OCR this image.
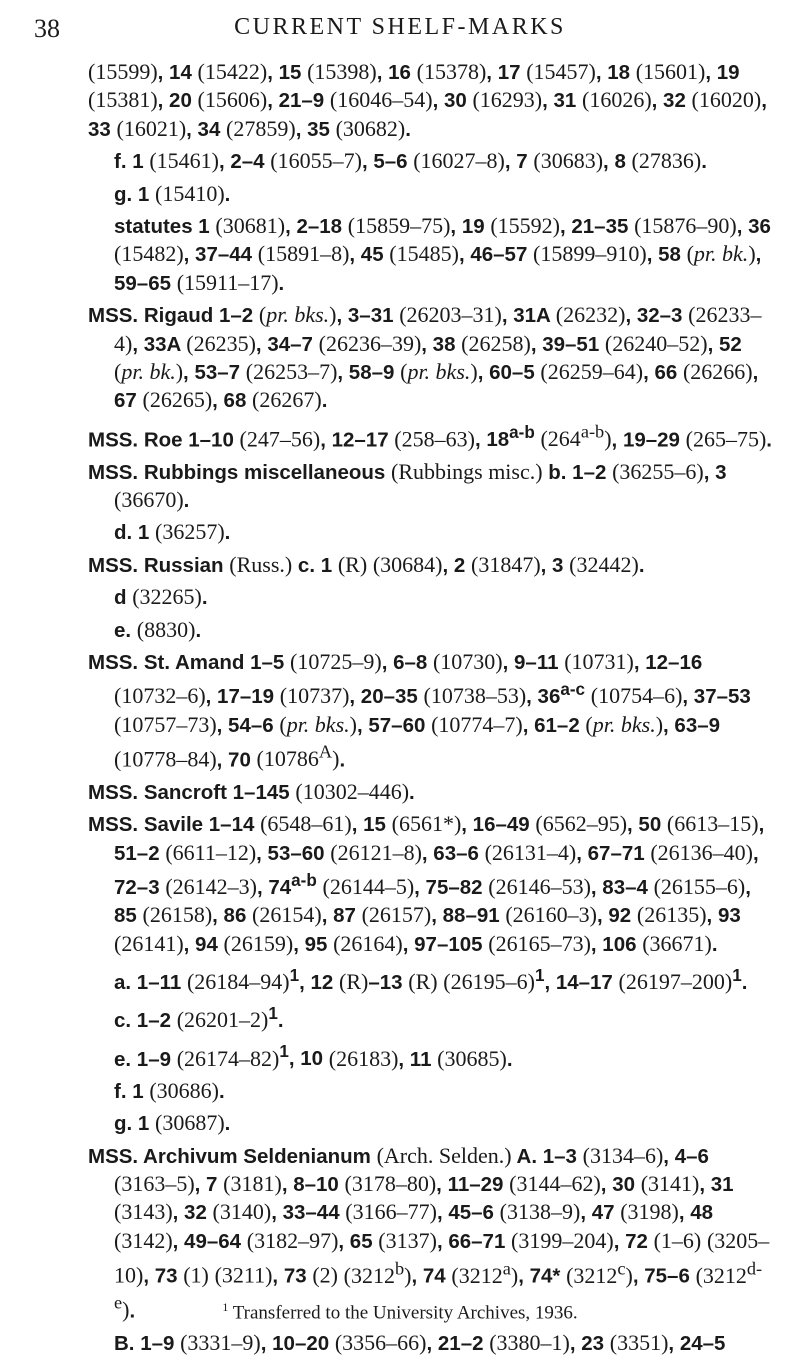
38	CURRENT SHELF-MARKS

(15599), 14 (15422), 15 (15398), 16 (15378), 17 (15457), 18 (15601), 19 (15381), 20 (15606), 21–9 (16046–54), 30 (16293), 31 (16026), 32 (16020), 33 (16021), 34 (27859), 35 (30682).

f. 1 (15461), 2–4 (16055–7), 5–6 (16027–8), 7 (30683), 8 (27836).

g. 1 (15410).

statutes 1 (30681), 2–18 (15859–75), 19 (15592), 21–35 (15876–90), 36 (15482), 37–44 (15891–8), 45 (15485), 46–57 (15899–910), 58 (pr. bk.), 59–65 (15911–17).

MSS. Rigaud 1–2 (pr. bks.), 3–31 (26203–31), 31A (26232), 32–3 (26233–4), 33A (26235), 34–7 (26236–39), 38 (26258), 39–51 (26240–52), 52 (pr. bk.), 53–7 (26253–7), 58–9 (pr. bks.), 60–5 (26259–64), 66 (26266), 67 (26265), 68 (26267).

MSS. Roe 1–10 (247–56), 12–17 (258–63), 18$^{a-b}$ (264$^{a-b}$), 19–29 (265–75).

MSS. Rubbings miscellaneous (Rubbings misc.) b. 1–2 (36255–6), 3 (36670).

d. 1 (36257).

MSS. Russian (Russ.) c. 1 (R) (30684), 2 (31847), 3 (32442).

d (32265).

e. (8830).

MSS. St. Amand 1–5 (10725–9), 6–8 (10730), 9–11 (10731), 12–16 (10732–6), 17–19 (10737), 20–35 (10738–53), 36$^{a-c}$ (10754–6), 37–53 (10757–73), 54–6 (pr. bks.), 57–60 (10774–7), 61–2 (pr. bks.), 63–9 (10778–84), 70 $(10786^A)$.

MSS. Sancroft 1–145 (10302–446).

MSS. Savile 1–14 (6548–61), 15 (6561*), 16–49 (6562–95), 50 (6613–15), 51–2 (6611–12), 53–60 (26121–8), 63–6 (26131–4), 67–71 (26136–40), 72–3 (26142–3), 74$^{a-b}$ (26144–5), 75–82 (26146–53), 83–4 (26155–6), 85 (26158), 86 (26154), 87 (26157), 88–91 (26160–3), 92 (26135), 93 (26141), 94 (26159), 95 (26164), 97–105 (26165–73), 106 (36671).

a. 1–11 $(26184-94)^1$, 12 (R)–13 (R) $(26195-6)^1$, 14–17 $(26197-200)^1$.

c. 1–2 $(26201-2)^1$.

e. 1–9 $(26174-82)^1$, 10 (26183), 11 (30685).

f. 1 (30686).

g. 1 (30687).

MSS. Archivum Seldenianum (Arch. Selden.) A. 1–3 (3134–6), 4–6 (3163–5), 7 (3181), 8–10 (3178–80), 11–29 (3144–62), 30 (3141), 31 (3143), 32 (3140), 33–44 (3166–77), 45–6 (3138–9), 47 (3198), 48 (3142), 49–64 (3182–97), 65 (3137), 66–71 (3199–204), 72 (1–6) (3205–10), 73 (1) (3211), 73 (2) (3212$^b$), 74 (3212$^a$), 74* (3212$^c$), 75–6 (3212$^{d-e}$).

B. 1–9 (3331–9), 10–20 (3356–66), 21–2 (3380–1), 23 (3351), 24–5

$^1$ Transferred to the University Archives, 1936.
